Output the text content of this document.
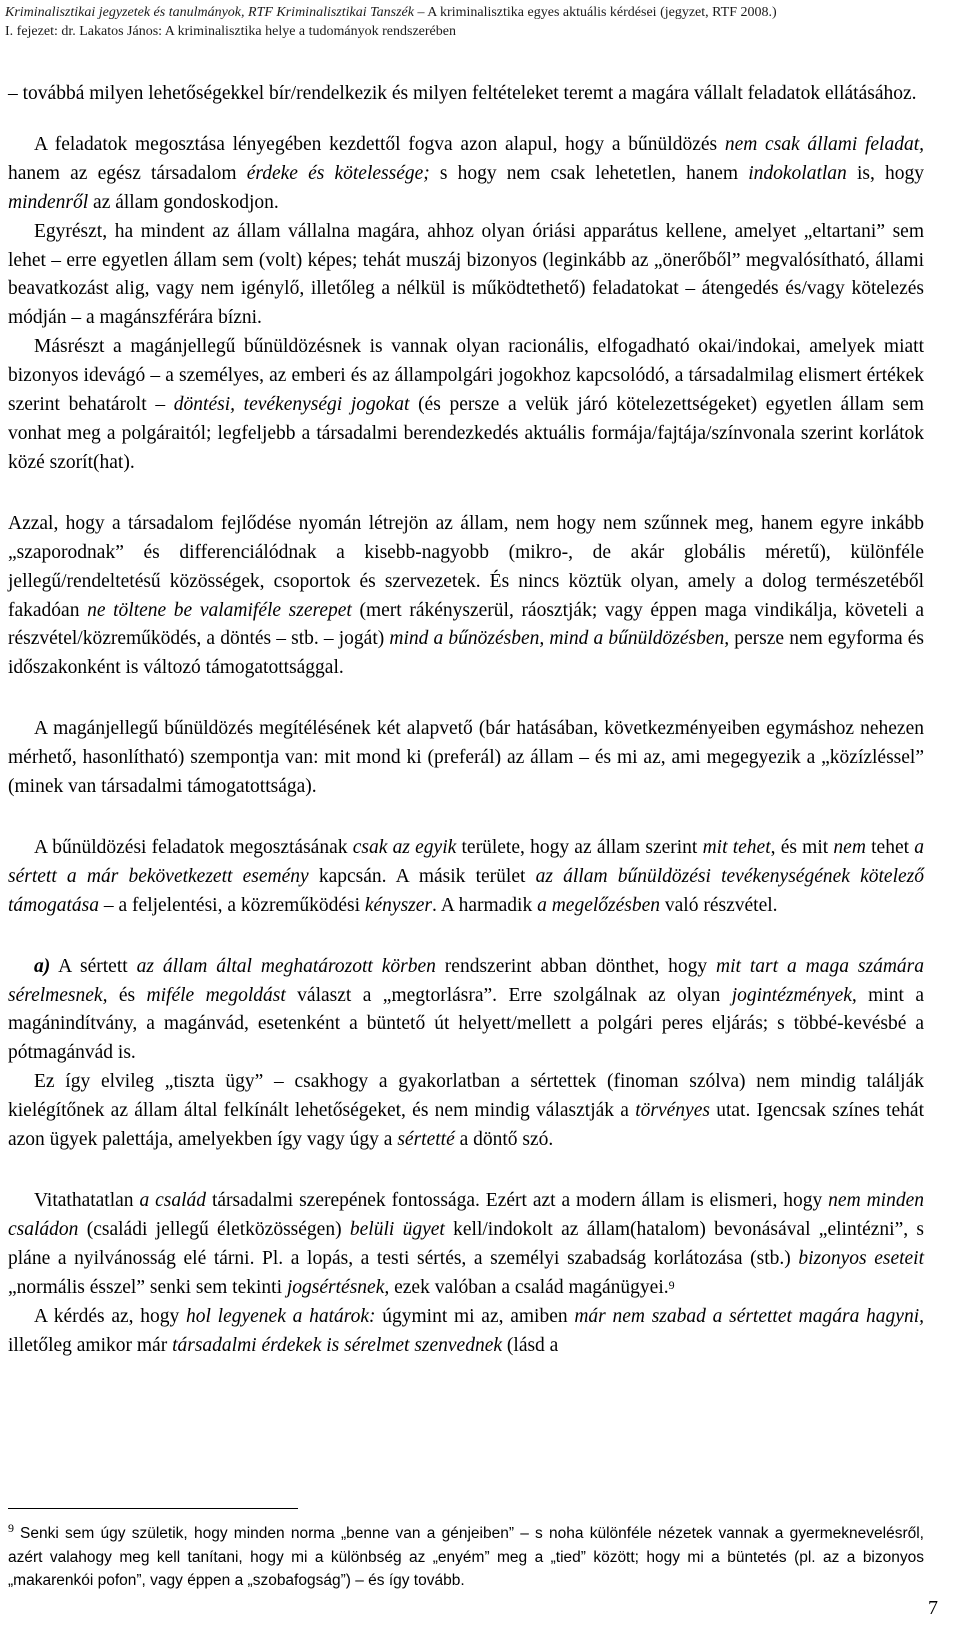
Kriminalisztikai jegyzetek és tanulmányok, RTF Kriminalisztikai Tanszék – A kriminalisztika egyes aktuális kérdései (jegyzet, RTF 2008.)
I. fejezet: dr. Lakatos János: A kriminalisztika helye a tudományok rendszerében

– továbbá milyen lehetőségekkel bír/rendelkezik és milyen feltételeket teremt a magára vállalt feladatok ellátásához.

A feladatok megosztása lényegében kezdettől fogva azon alapul, hogy a bűnüldözés nem csak állami feladat, hanem az egész társadalom érdeke és kötelessége; s hogy nem csak lehetetlen, hanem indokolatlan is, hogy mindenről az állam gondoskodjon.

Egyrészt, ha mindent az állam vállalna magára, ahhoz olyan óriási apparátus kellene, amelyet „eltartani” sem lehet – erre egyetlen állam sem (volt) képes; tehát muszáj bizonyos (leginkább az „önerőből” megvalósítható, állami beavatkozást alig, vagy nem igénylő, illetőleg a nélkül is működtethető) feladatokat – átengedés és/vagy kötelezés módján – a magánszférára bízni.

Másrészt a magánjellegű bűnüldözésnek is vannak olyan racionális, elfogadható okai/indokai, amelyek miatt bizonyos idevágó – a személyes, az emberi és az állampolgári jogokhoz kapcsolódó, a társadalmilag elismert értékek szerint behatárolt – döntési, tevékenységi jogokat (és persze a velük járó kötelezettségeket) egyetlen állam sem vonhat meg a polgáraitól; legfeljebb a társadalmi berendezkedés aktuális formája/fajtája/színvonala szerint korlátok közé szorít(hat).

Azzal, hogy a társadalom fejlődése nyomán létrejön az állam, nem hogy nem szűnnek meg, hanem egyre inkább „szaporodnak” és differenciálódnak a kisebb-nagyobb (mikro-, de akár globális méretű), különféle jellegű/rendeltetésű közösségek, csoportok és szervezetek. És nincs köztük olyan, amely a dolog természetéből fakadóan ne töltene be valamiféle szerepet (mert rákényszerül, ráosztják; vagy éppen maga vindikálja, követeli a részvétel/közreműködés, a döntés – stb. – jogát) mind a bűnözésben, mind a bűnüldözésben, persze nem egyforma és időszakonként is változó támogatottsággal.

A magánjellegű bűnüldözés megítélésének két alapvető (bár hatásában, következményeiben egymáshoz nehezen mérhető, hasonlítható) szempontja van: mit mond ki (preferál) az állam – és mi az, ami megegyezik a „közízléssel” (minek van társadalmi támogatottsága).

A bűnüldözési feladatok megosztásának csak az egyik területe, hogy az állam szerint mit tehet, és mit nem tehet a sértett a már bekövetkezett esemény kapcsán. A másik terület az állam bűnüldözési tevékenységének kötelező támogatása – a feljelentési, a közreműködési kényszer. A harmadik a megelőzésben való részvétel.

a) A sértett az állam által meghatározott körben rendszerint abban dönthet, hogy mit tart a maga számára sérelmesnek, és miféle megoldást választ a „megtorlásra”. Erre szolgálnak az olyan jogintézmények, mint a magánindítvány, a magánvád, esetenként a büntető út helyett/mellett a polgári peres eljárás; s többé-kevésbé a pótmagánvád is.

Ez így elvileg „tiszta ügy” – csakhogy a gyakorlatban a sértettek (finoman szólva) nem mindig találják kielégítőnek az állam által felkínált lehetőségeket, és nem mindig választják a törvényes utat. Igencsak színes tehát azon ügyek palettája, amelyekben így vagy úgy a sértetté a döntő szó.

Vitathatatlan a család társadalmi szerepének fontossága. Ezért azt a modern állam is elismeri, hogy nem minden családon (családi jellegű életközösségen) belüli ügyet kell/indokolt az állam(hatalom) bevonásával „elintézni”, s pláne a nyilvánosság elé tárni. Pl. a lopás, a testi sértés, a személyi szabadság korlátozása (stb.) bizonyos eseteit „normális ésszel” senki sem tekinti jogsértésnek, ezek valóban a család magánügyei.$^9$

A kérdés az, hogy hol legyenek a határok: úgymint mi az, amiben már nem szabad a sértettet magára hagyni, illetőleg amikor már társadalmi érdekek is sérelmet szenvednek (lásd a

$^9$ Senki sem úgy születik, hogy minden norma „benne van a génjeiben” – s noha különféle nézetek vannak a gyermeknevelésről, azért valahogy meg kell tanítani, hogy mi a különbség az „enyém” meg a „tied” között; hogy mi a büntetés (pl. az a bizonyos „makarenkói pofon”, vagy éppen a „szobafogság”) – és így tovább.
7
